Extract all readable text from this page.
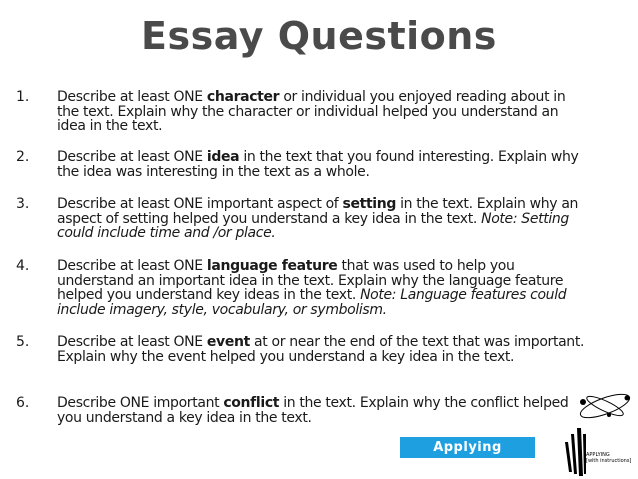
Essay Questions
1. Describe at least ONE character or individual you enjoyed reading about in the text. Explain why the character or individual helped you understand an idea in the text.
2. Describe at least ONE idea in the text that you found interesting. Explain why the idea was interesting in the text as a whole.
3. Describe at least ONE important aspect of setting in the text. Explain why an aspect of setting helped you understand a key idea in the text. Note: Setting could include time and /or place.
4. Describe at least ONE language feature that was used to help you understand an important idea in the text. Explain why the language feature helped you understand key ideas in the text. Note: Language features could include imagery, style, vocabulary, or symbolism.
5. Describe at least ONE event at or near the end of the text that was important. Explain why the event helped you understand a key idea in the text.
6. Describe ONE important conflict in the text. Explain why the conflict helped you understand a key idea in the text.
Applying	APPLYING
[with instructions]
